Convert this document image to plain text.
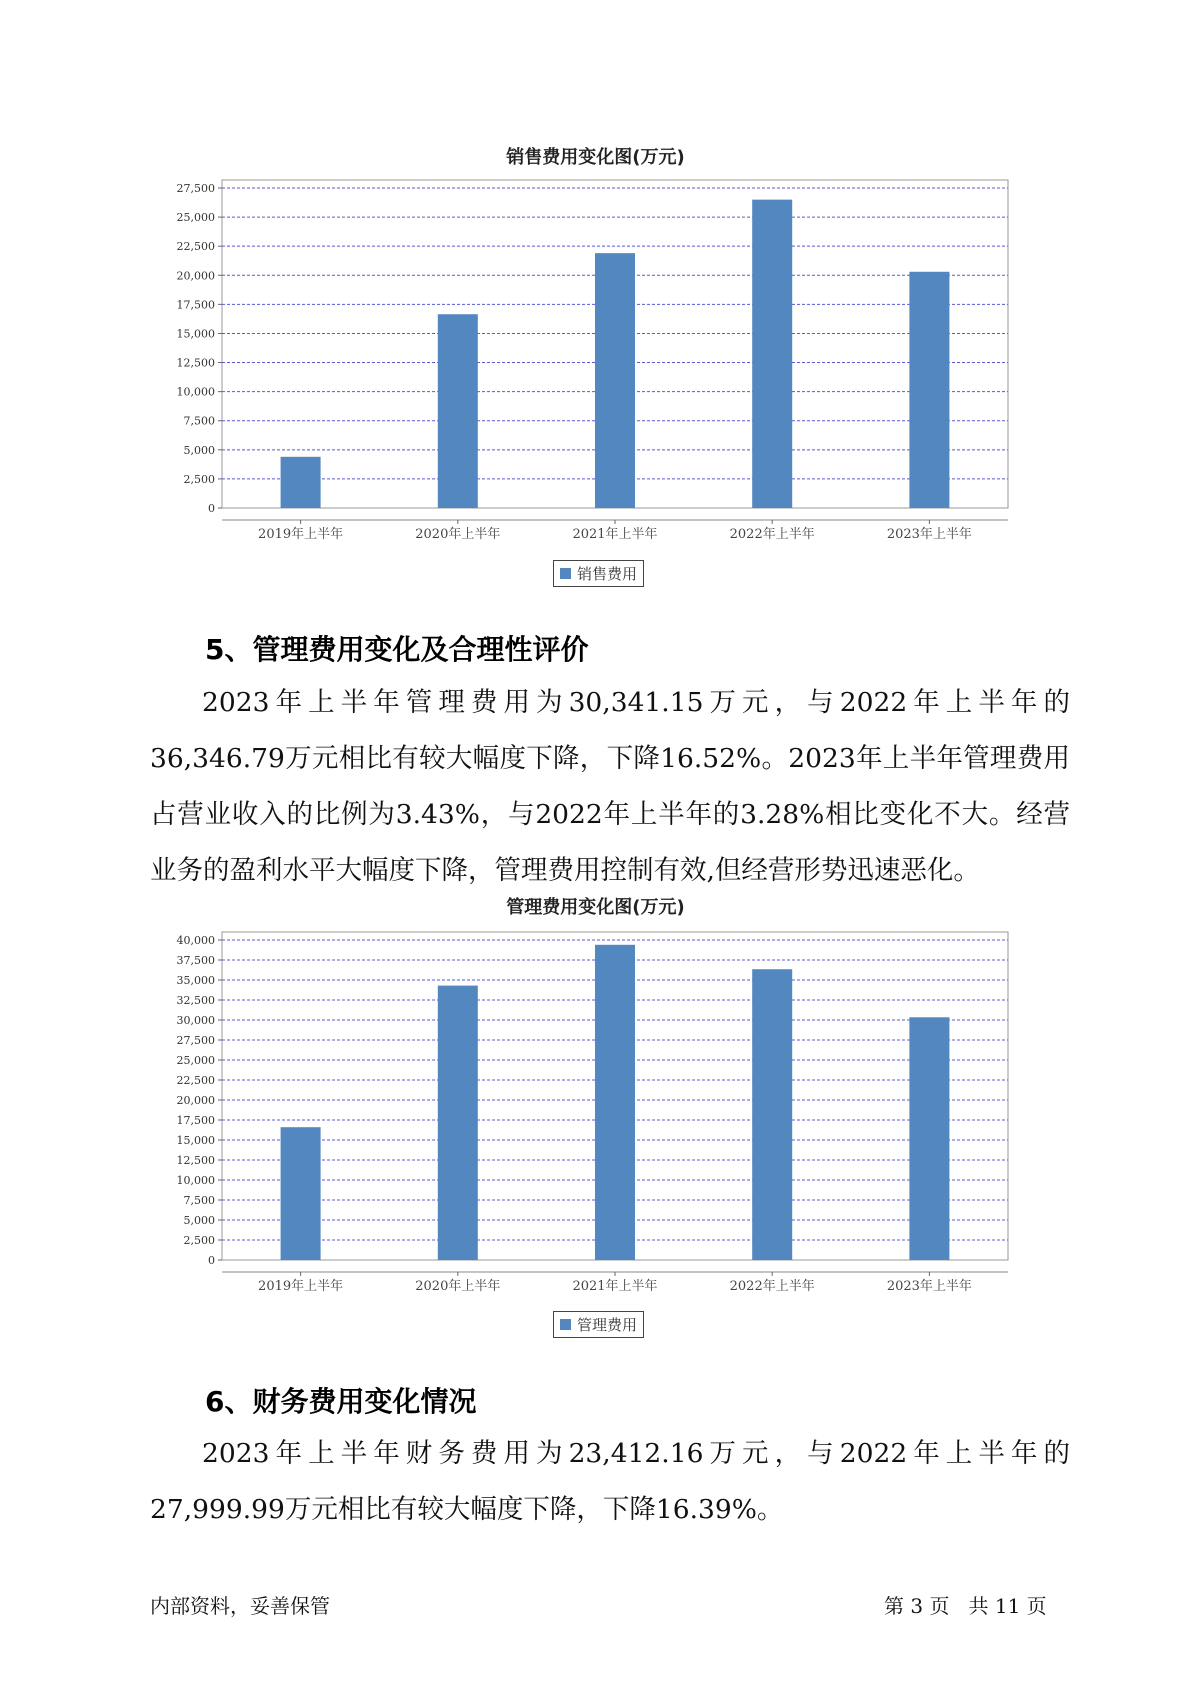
销售费用变化图(万元)
0
2,500
5,000
7,500
10,000
12,500
15,000
17,500
20,000
22,500
25,000
27,500
2019年上半年	2020年上半年	2021年上半年	2022年上半年	2023年上半年
销售费用
5、管理费用变化及合理性评价
2023年上半年管理费用为30,341.15万元，与2022年上半年的36,346.79万元相比有较大幅度下降，下降16.52%。2023年上半年管理费用占营业收入的比例为3.43%，与2022年上半年的3.28%相比变化不大。经营业务的盈利水平大幅度下降，管理费用控制有效,但经营形势迅速恶化。
管理费用变化图(万元)
0
2,500
5,000
7,500
10,000
12,500
15,000
17,500
20,000
22,500
25,000
27,500
30,000
32,500
35,000
37,500
40,000
2019年上半年	2020年上半年	2021年上半年	2022年上半年	2023年上半年
管理费用
6、财务费用变化情况
2023年上半年财务费用为23,412.16万元，与2022年上半年的27,999.99万元相比有较大幅度下降，下降16.39%。
内部资料，妥善保管	第 3 页   共 11 页
